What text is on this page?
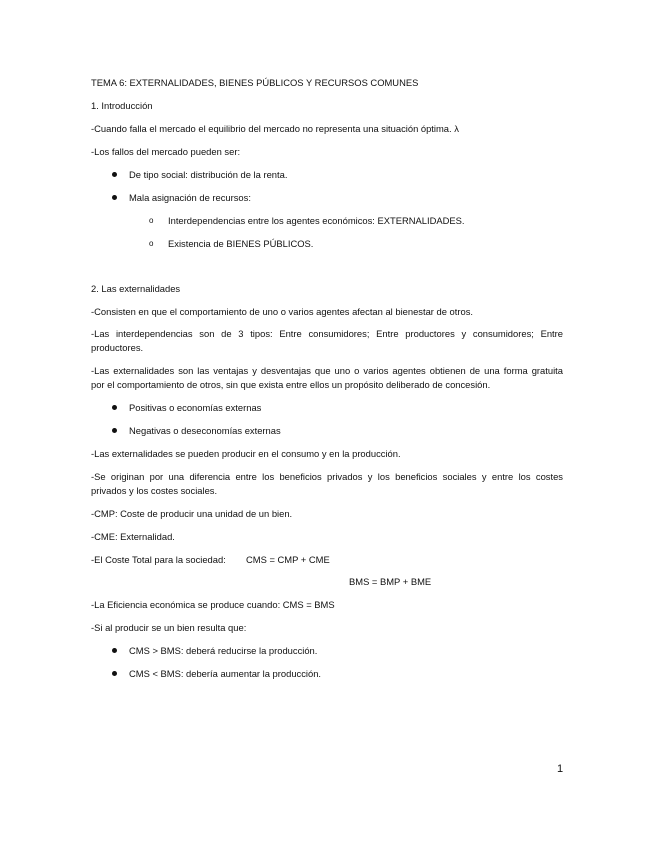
TEMA 6: EXTERNALIDADES, BIENES PÚBLICOS Y RECURSOS COMUNES
1. Introducción
-Cuando falla el mercado el equilibrio del mercado no representa una situación óptima. λ
-Los fallos del mercado pueden ser:
De tipo social: distribución de la renta.
Mala asignación de recursos:
o Interdependencias entre los agentes económicos: EXTERNALIDADES.
o Existencia de BIENES PÚBLICOS.
2. Las externalidades
-Consisten en que el comportamiento de uno o varios agentes afectan al bienestar de otros.
-Las interdependencias son de 3 tipos: Entre consumidores; Entre productores y consumidores; Entre
productores.
-Las externalidades son las ventajas y desventajas que uno o varios agentes obtienen de una forma gratuita
por el comportamiento de otros, sin que exista entre ellos un propósito deliberado de concesión.
Positivas o economías externas
Negativas o deseconomías externas
-Las externalidades se pueden producir en el consumo y en la producción.
-Se originan por una diferencia entre los beneficios privados y los beneficios sociales y entre los costes
privados y los costes sociales.
-CMP: Coste de producir una unidad de un bien.
-CME: Externalidad.
-El Coste Total para la sociedad: CMS = CMP + CME
BMS = BMP + BME
-La Eficiencia económica se produce cuando: CMS = BMS
-Si al producir se un bien resulta que:
CMS > BMS: deberá reducirse la producción.
CMS < BMS: debería aumentar la producción.
1
